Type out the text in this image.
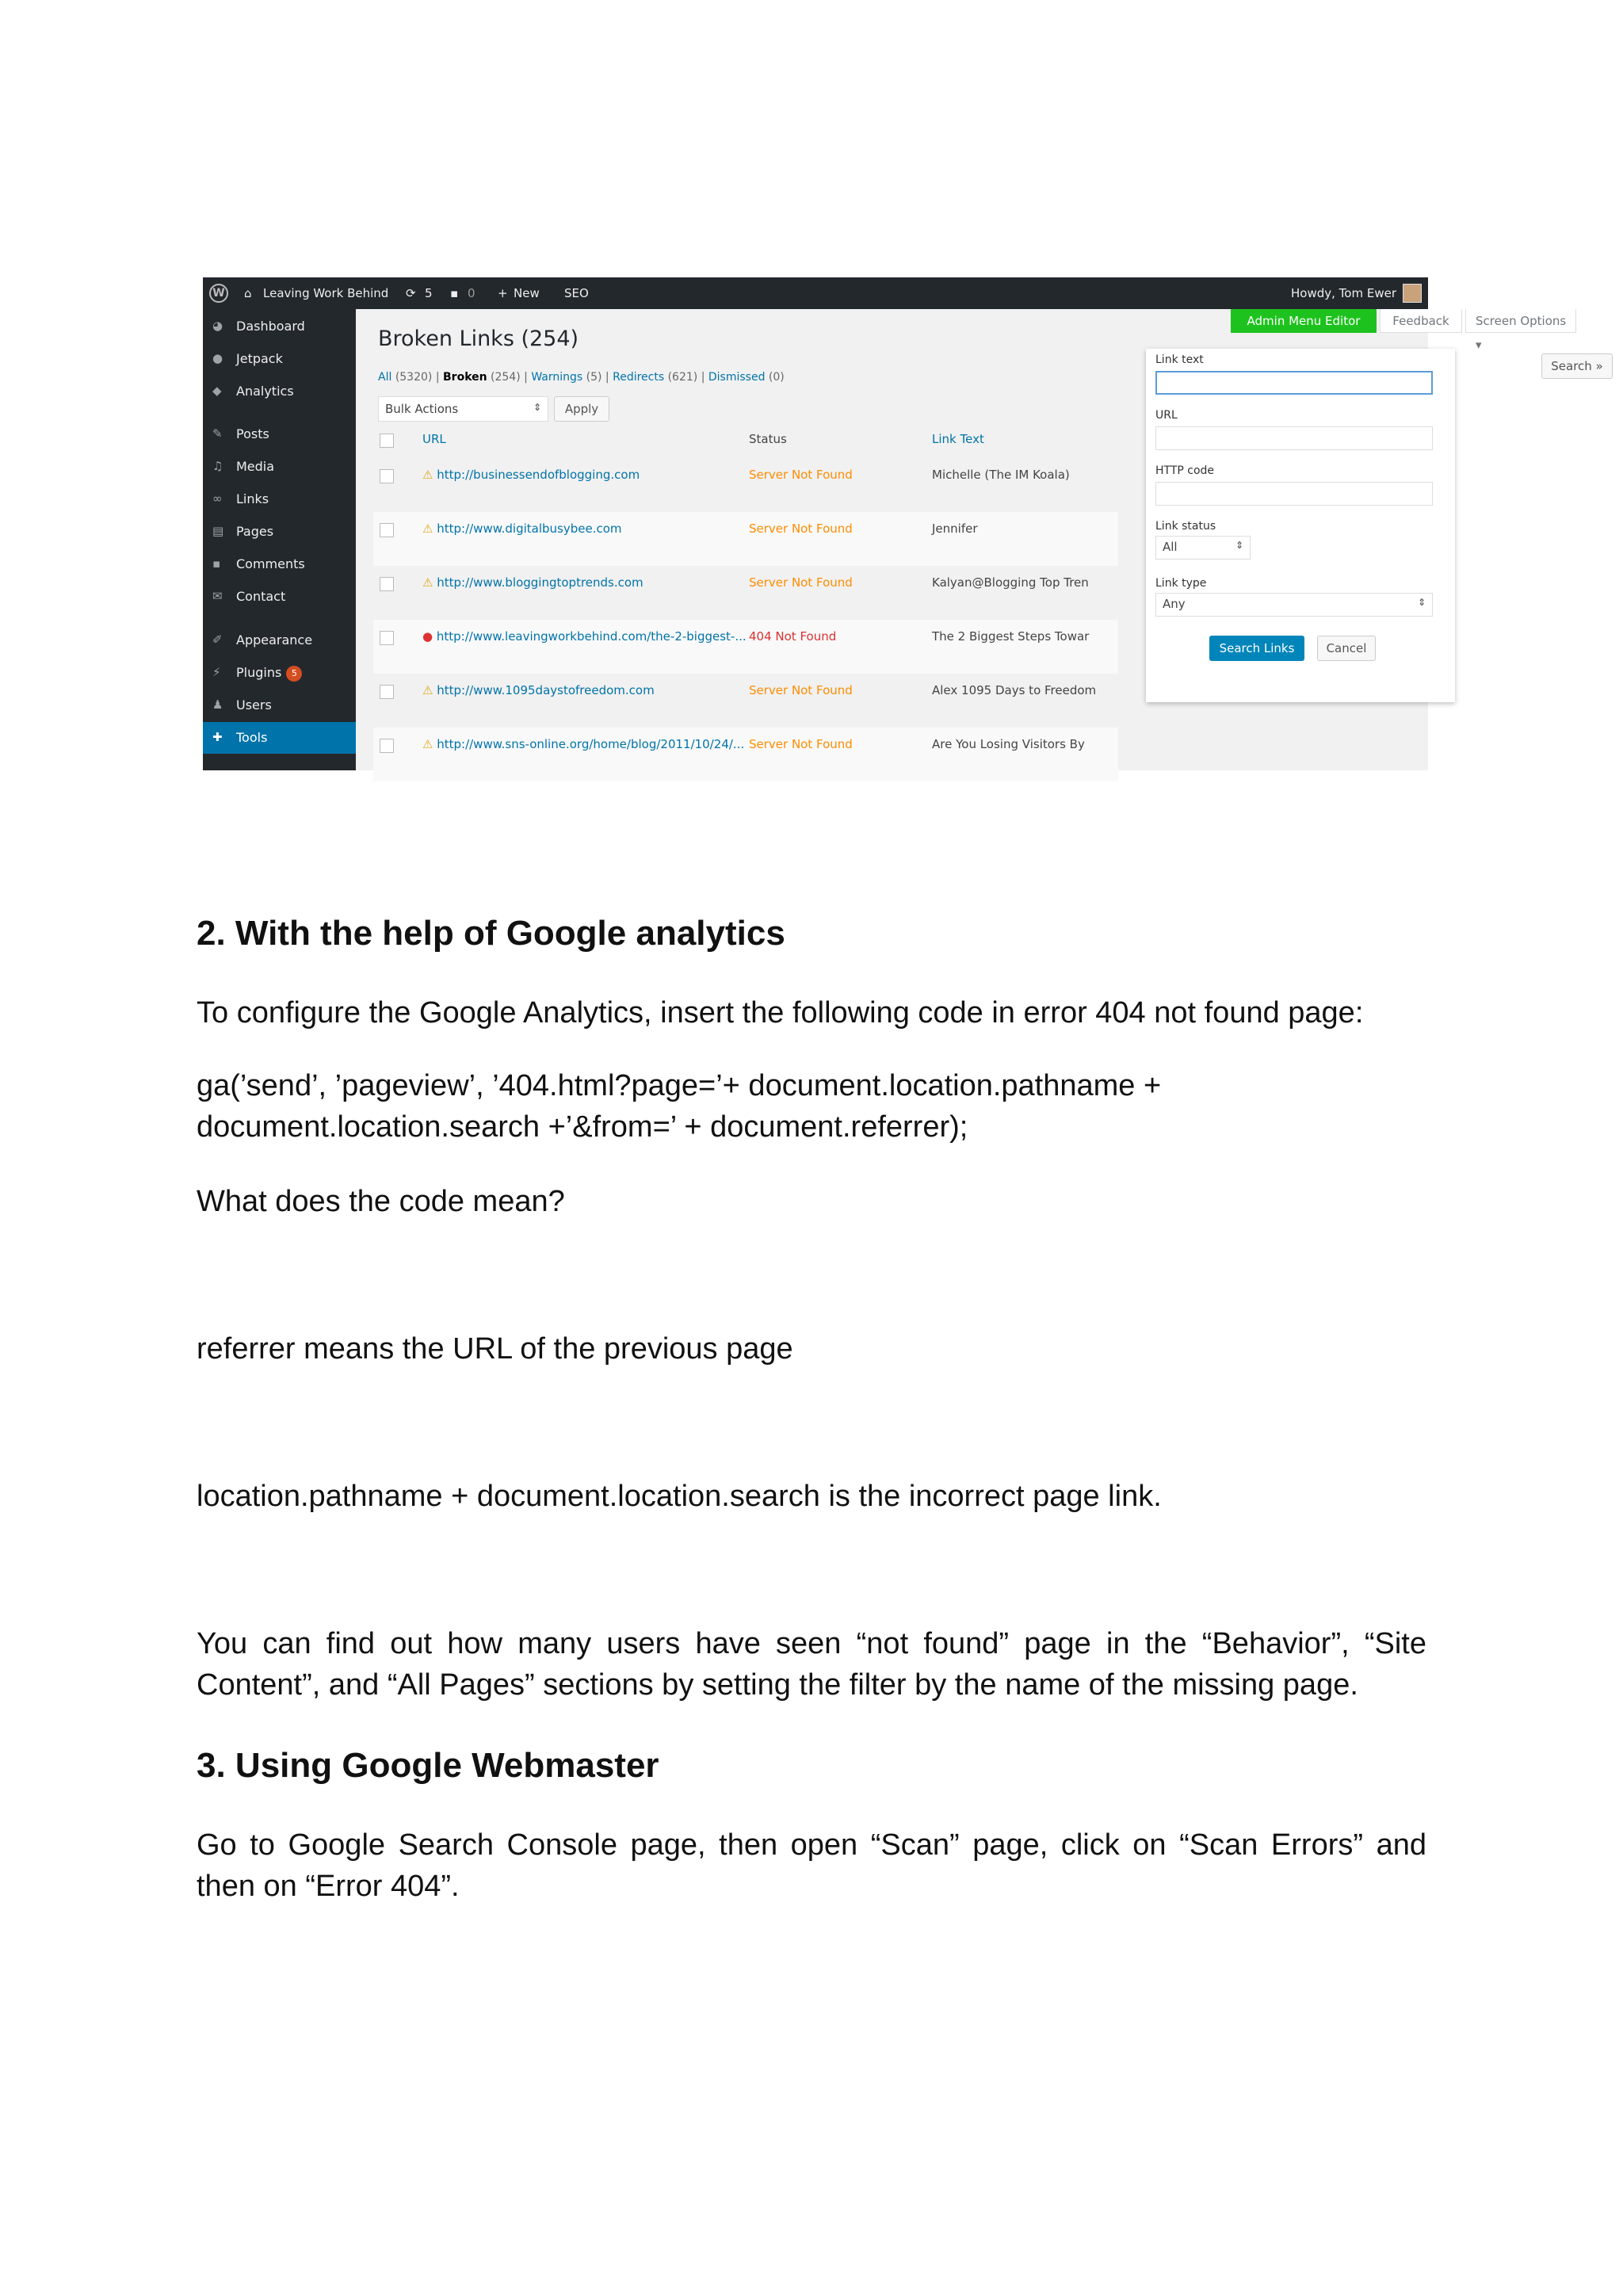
W ⌂ Leaving Work Behind ⟳ 5 ▪ 0 + New SEO	Howdy, Tom Ewer
◕	Dashboard
●	Jetpack
◆	Analytics
✎	Posts
♫	Media
∞	Links
▤ Pages
▪	Comments
✉	Contact
✐	Appearance
⚡	Plugins 5
♟	Users
✚	Tools
Broken Links (254)
Admin Menu Editor	Feedback	Screen Options ▾
Search »
All (5320) | Broken (254) | Warnings (5) | Redirects (621) | Dismissed (0)
Bulk Actions	⇕	Apply
URL	Status	Link Text
⚠ http://businessendofblogging.com	Server Not Found	Michelle (The IM Koala)
⚠ http://www.digitalbusybee.com	Server Not Found	Jennifer
⚠ http://www.bloggingtoptrends.com	Server Not Found	Kalyan@Blogging Top Tren
● http://www.leavingworkbehind.com/the-2-biggest-... 404 Not Found	The 2 Biggest Steps Towar
⚠ http://www.1095daystofreedom.com	Server Not Found	Alex 1095 Days to Freedom
⚠ http://www.sns-online.org/home/blog/2011/10/24/... Server Not Found	Are You Losing Visitors By
Link text
URL
HTTP code
Link status
All	⇕
Link type
Any	⇕
Search Links	Cancel
2. With the help of Google analytics
To configure the Google Analytics, insert the following code in error 404 not found page:
ga(’send’, ’pageview’, ’404.html?page=’+ document.location.pathname +
document.location.search +’&from=’ + document.referrer);
What does the code mean?
referrer means the URL of the previous page
location.pathname + document.location.search is the incorrect page link.
You can find out how many users have seen “not found” page in the “Behavior”, “Site Content”, and “All Pages” sections by setting the filter by the name of the missing page.
3. Using Google Webmaster
Go to Google Search Console page, then open “Scan” page, click on “Scan Errors” and then on “Error 404”.
